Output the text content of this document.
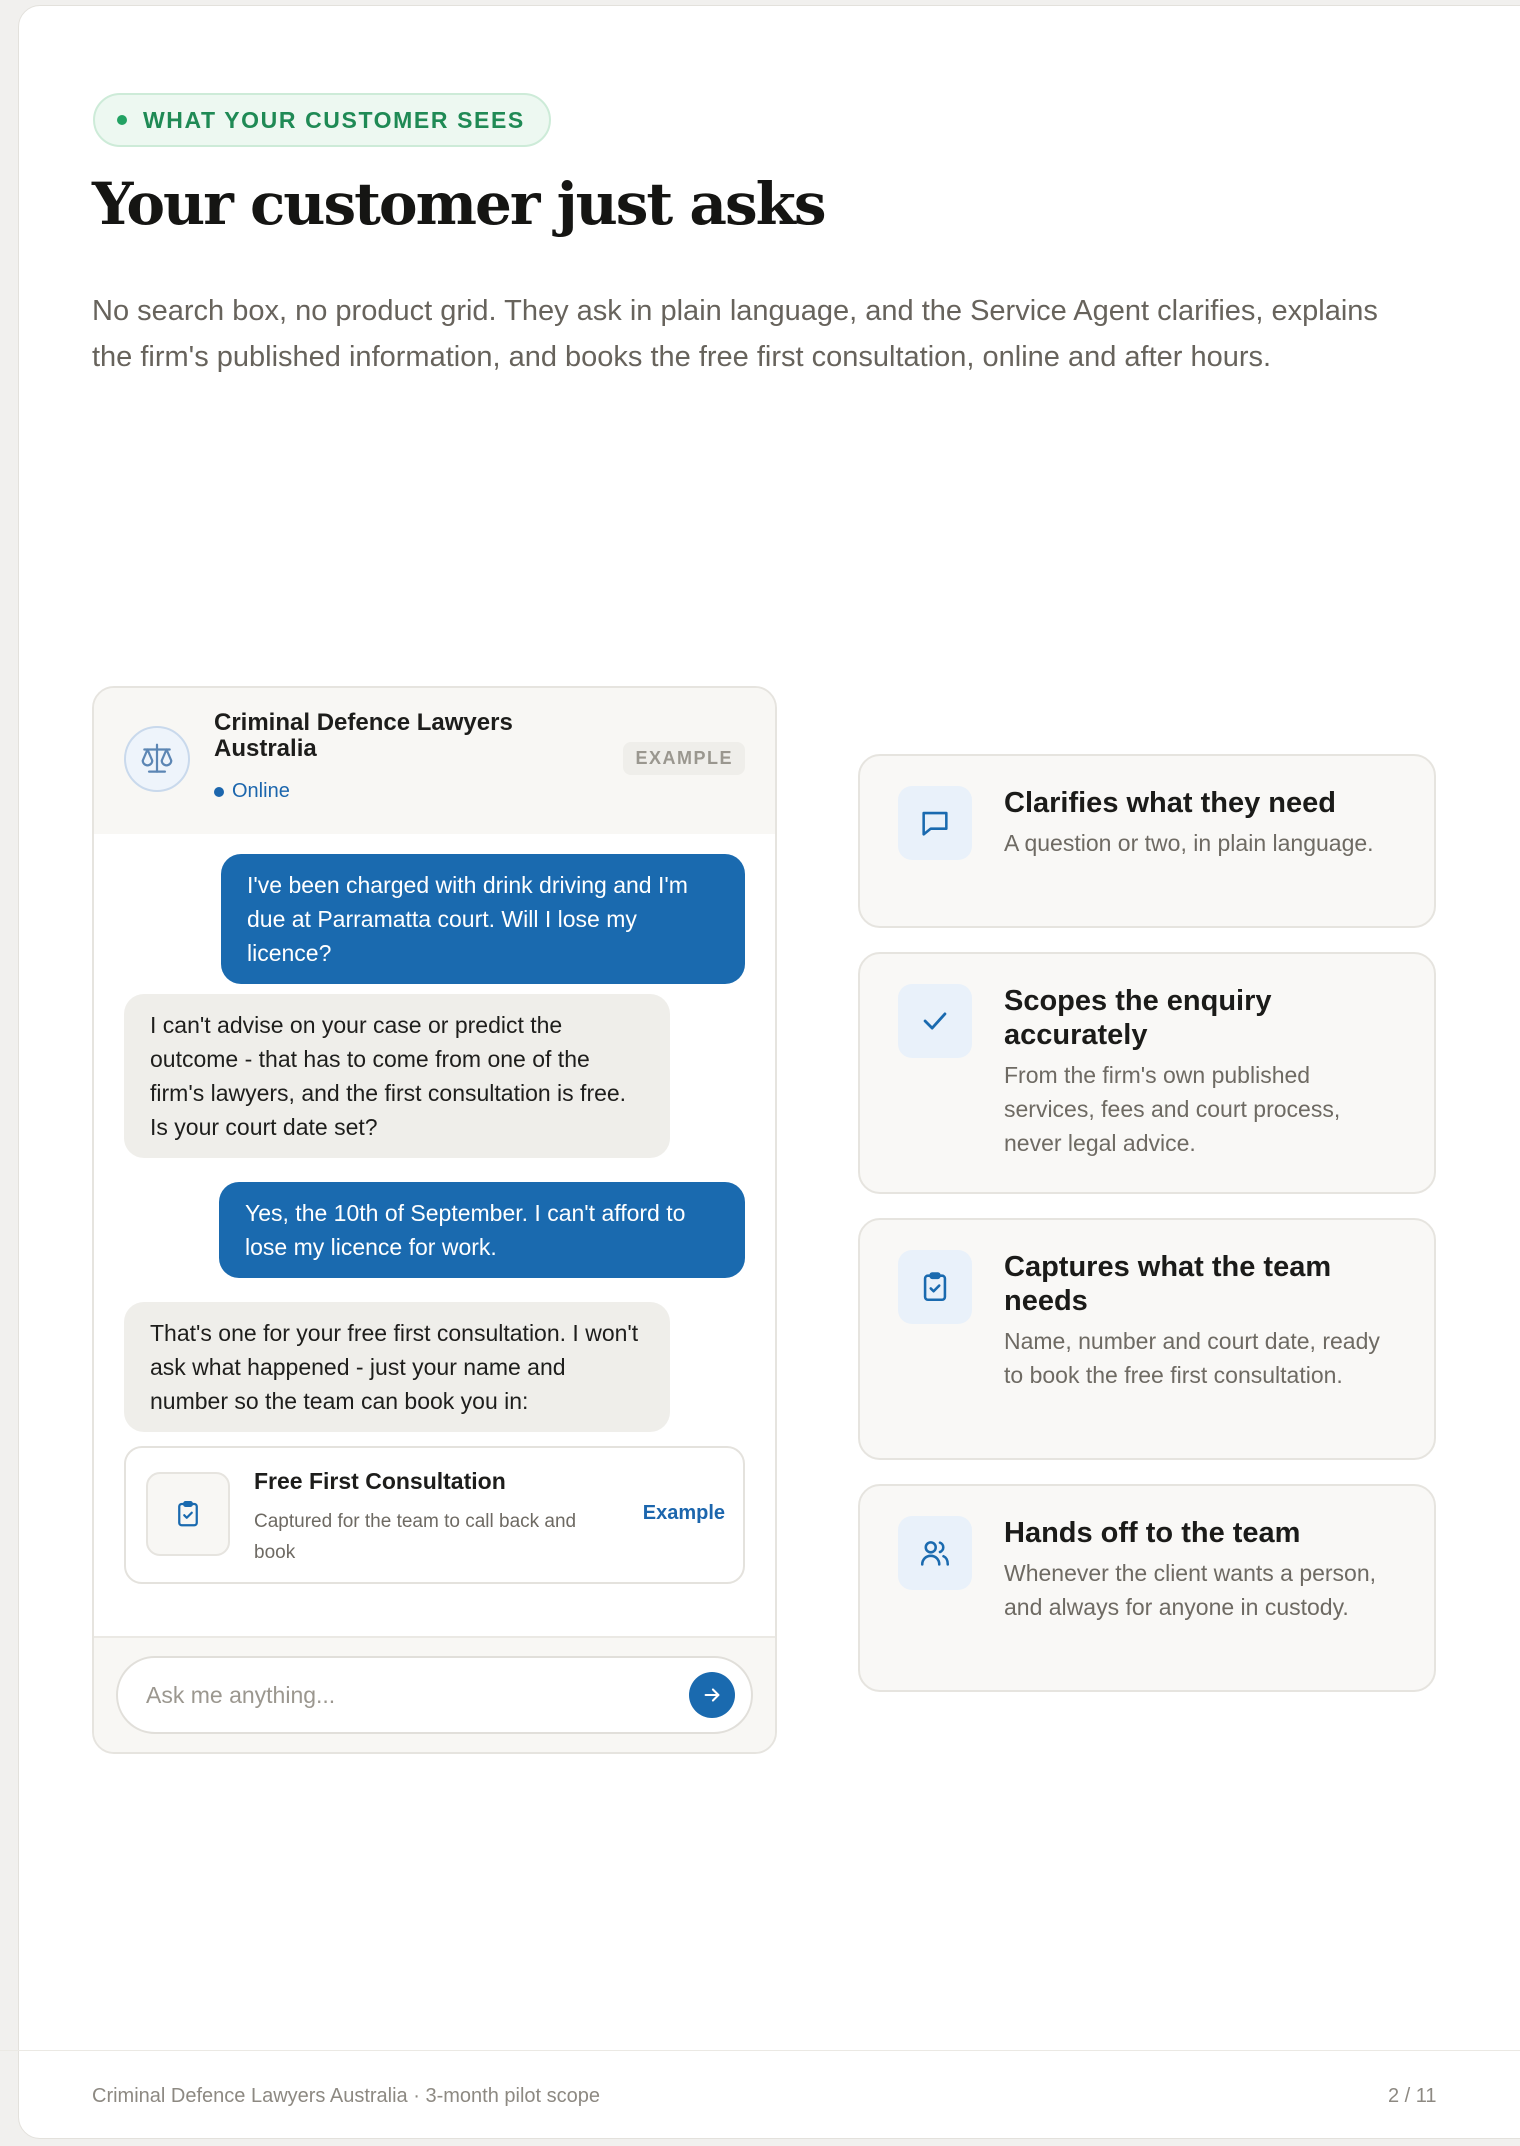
WHAT YOUR CUSTOMER SEES
Your customer just asks

No search box, no product grid. They ask in plain language, and the Service Agent clarifies, explains the firm's published information, and books the free first consultation, online and after hours.

Criminal Defence Lawyers Australia
Online
EXAMPLE
I've been charged with drink driving and I'm due at Parramatta court. Will I lose my licence?
I can't advise on your case or predict the outcome - that has to come from one of the firm's lawyers, and the first consultation is free. Is your court date set?
Yes, the 10th of September. I can't afford to lose my licence for work.
That's one for your free first consultation. I won't ask what happened - just your name and number so the team can book you in:
Free First Consultation
Captured for the team to call back and book
Example
Ask me anything...
Clarifies what they need
A question or two, in plain language.
Scopes the enquiry accurately
From the firm's own published services, fees and court process, never legal advice.
Captures what the team needs
Name, number and court date, ready to book the free first consultation.
Hands off to the team
Whenever the client wants a person, and always for anyone in custody.
Criminal Defence Lawyers Australia · 3-month pilot scope	2 / 11
